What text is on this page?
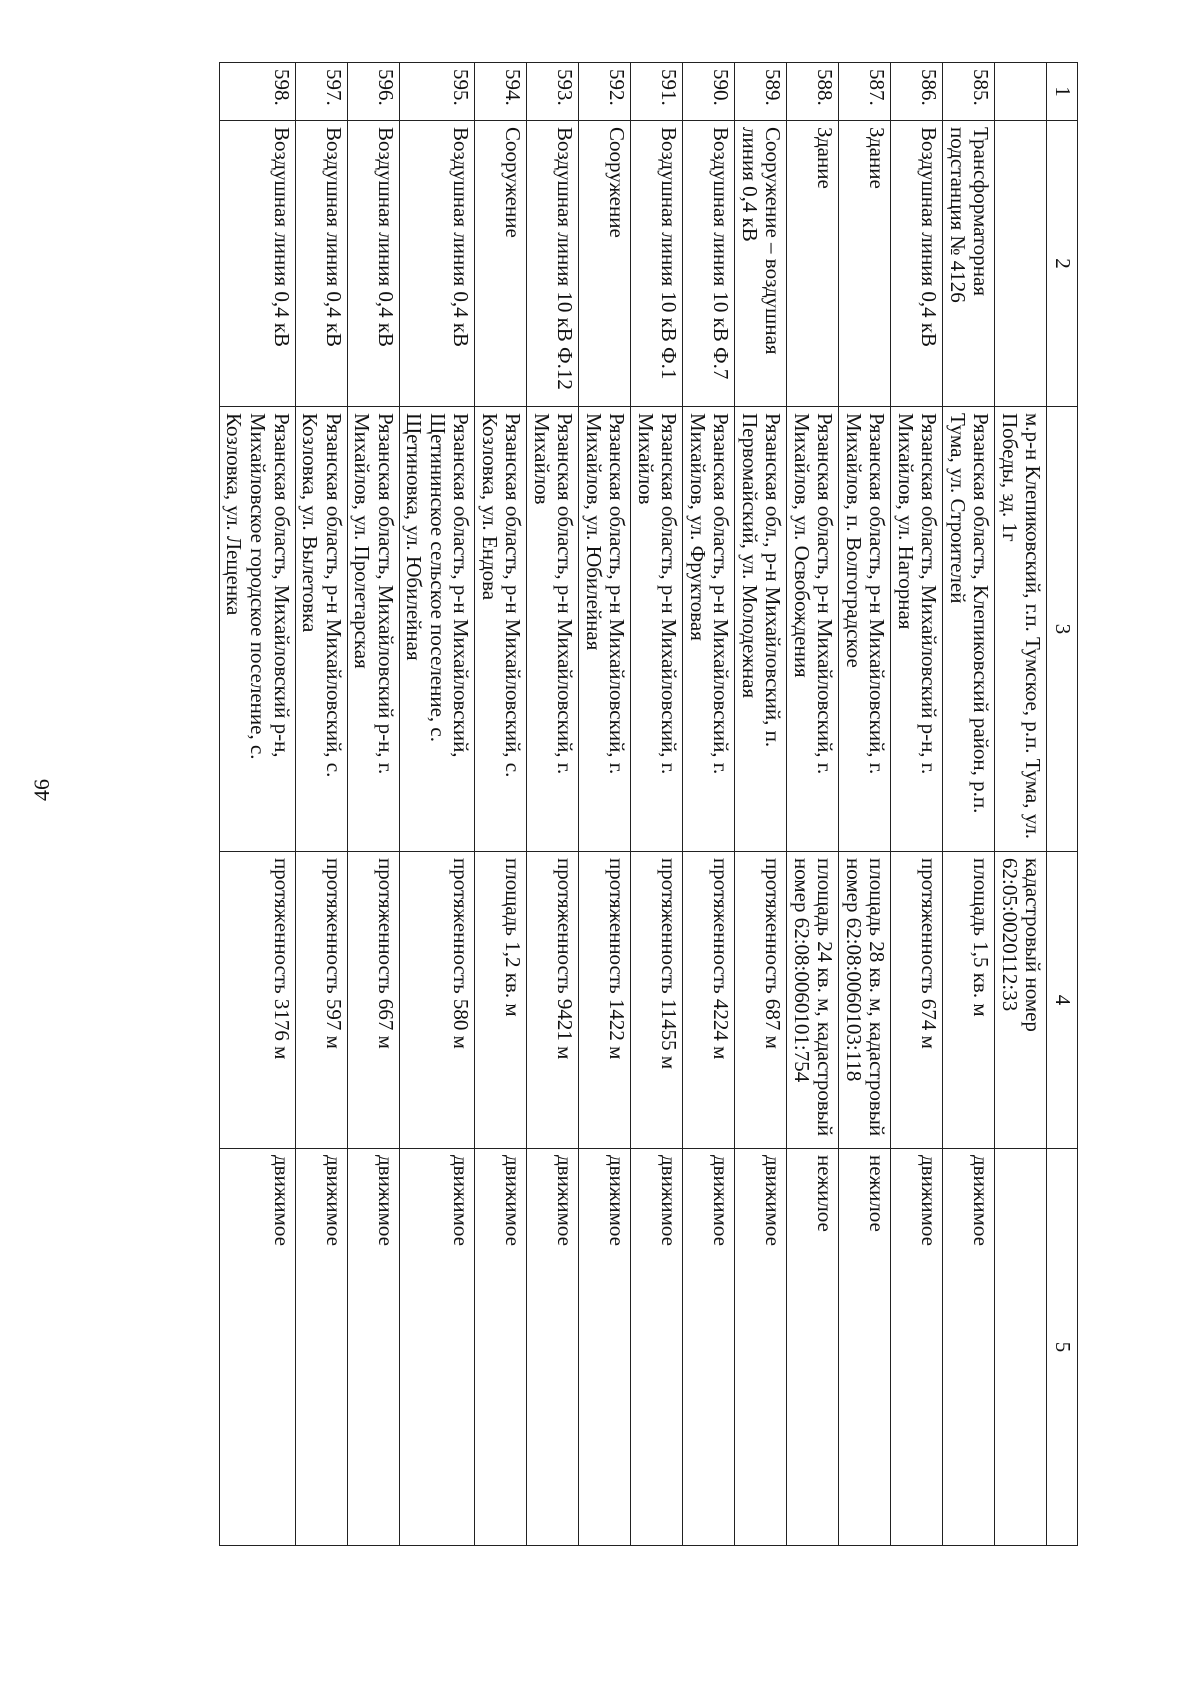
46
1	2	3	4	5
		м.р-н Клепиковский, г.п. Тумское, р.п. Тума, ул. Победы, зд. 1г	кадастровый номер 62:05:0020112:33	
585.	Трансформаторная подстанция № 4126	Рязанская область, Клепиковский район, р.п. Тума, ул. Строителей	площадь 1,5 кв. м	движимое
586.	Воздушная линия 0,4 кВ	Рязанская область, Михайловский р-н, г. Михайлов, ул. Нагорная	протяженность 674 м	движимое
587.	Здание	Рязанская область, р-н Михайловский, г. Михайлов, п. Волгоградское	площадь 28 кв. м, кадастровый номер 62:08:0060103:118	нежилое
588.	Здание	Рязанская область, р-н Михайловский, г. Михайлов, ул. Освобождения	площадь 24 кв. м, кадастровый номер 62:08:0060101:754	нежилое
589.	Сооружение – воздушная линия 0,4 кВ	Рязанская обл., р-н Михайловский, п. Первомайский, ул. Молодежная	протяженность 687 м	движимое
590.	Воздушная линия 10 кВ Ф.7	Рязанская область, р-н Михайловский, г. Михайлов, ул. Фруктовая	протяженность 4224 м	движимое
591.	Воздушная линия 10 кВ Ф.1	Рязанская область, р-н Михайловский, г. Михайлов	протяженность 11455 м	движимое
592.	Сооружение	Рязанская область, р-н Михайловский, г. Михайлов, ул. Юбилейная	протяженность 1422 м	движимое
593.	Воздушная линия 10 кВ Ф.12	Рязанская область, р-н Михайловский, г. Михайлов	протяженность 9421 м	движимое
594.	Сооружение	Рязанская область, р-н Михайловский, с. Козловка, ул. Ендова	площадь 1,2 кв. м	движимое
595.	Воздушная линия 0,4 кВ	Рязанская область, р-н Михайловский, Щетининское сельское поселение, с. Щетиновка, ул. Юбилейная	протяженность 580 м	движимое
596.	Воздушная линия 0,4 кВ	Рязанская область, Михайловский р-н, г. Михайлов, ул. Пролетарская	протяженность 667 м	движимое
597.	Воздушная линия 0,4 кВ	Рязанская область, р-н Михайловский, с. Козловка, ул. Вылетовка	протяженность 597 м	движимое
598.	Воздушная линия 0,4 кВ	Рязанская область, Михайловский р-н, Михайловское городское поселение, с. Козловка, ул. Лещенка	протяженность 3176 м	движимое
